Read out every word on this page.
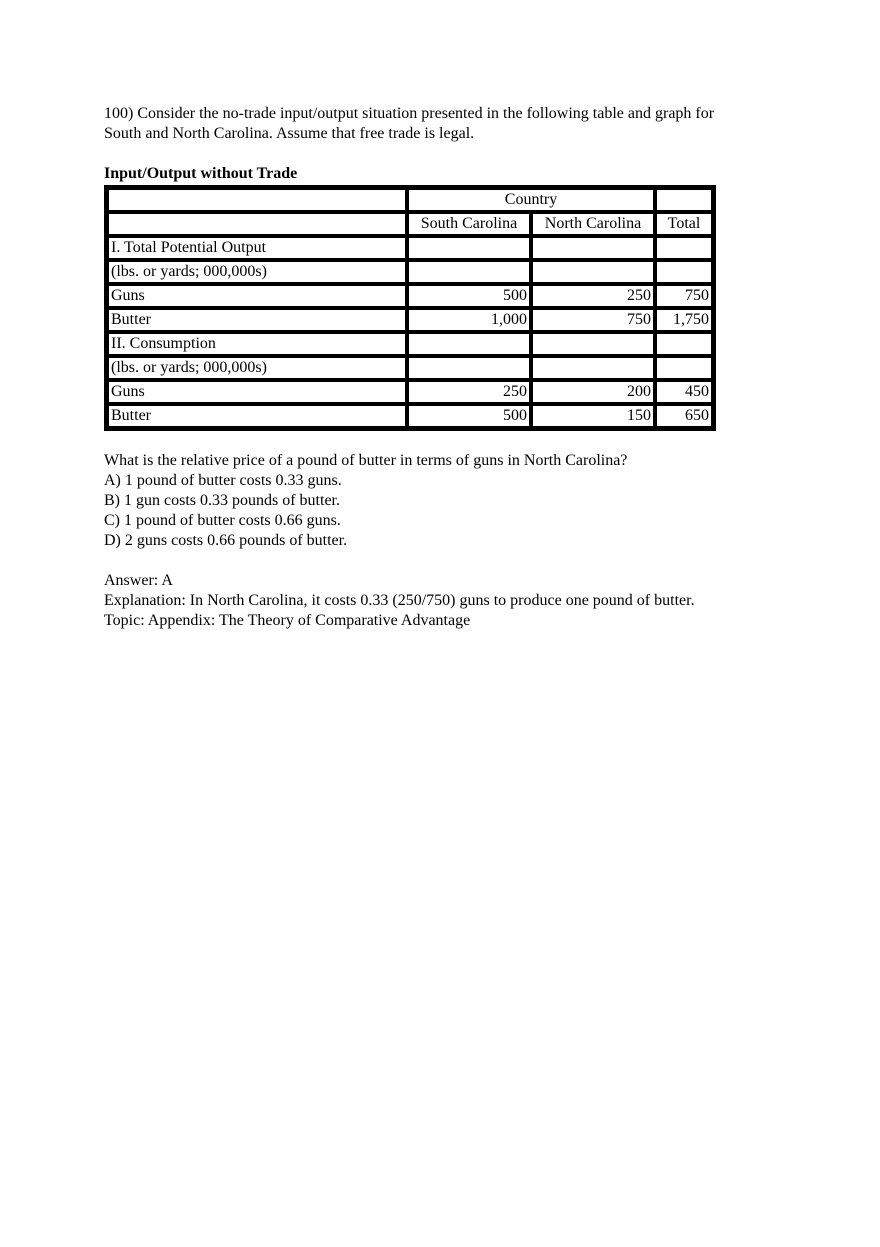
100) Consider the no-trade input/output situation presented in the following table and graph for

South and North Carolina. Assume that free trade is legal.

Input/Output without Trade

	Country		
	South Carolina	North Carolina	Total
I. Total Potential Output			
(lbs. or yards; 000,000s)			
Guns	500	250	750
Butter	1,000	750	1,750
II. Consumption			
(lbs. or yards; 000,000s)			
Guns	250	200	450
Butter	500	150	650

What is the relative price of a pound of butter in terms of guns in North Carolina?

A) 1 pound of butter costs 0.33 guns.

B) 1 gun costs 0.33 pounds of butter.

C) 1 pound of butter costs 0.66 guns.

D) 2 guns costs 0.66 pounds of butter.

Answer: A

Explanation: In North Carolina, it costs 0.33 (250/750) guns to produce one pound of butter.

Topic: Appendix: The Theory of Comparative Advantage
